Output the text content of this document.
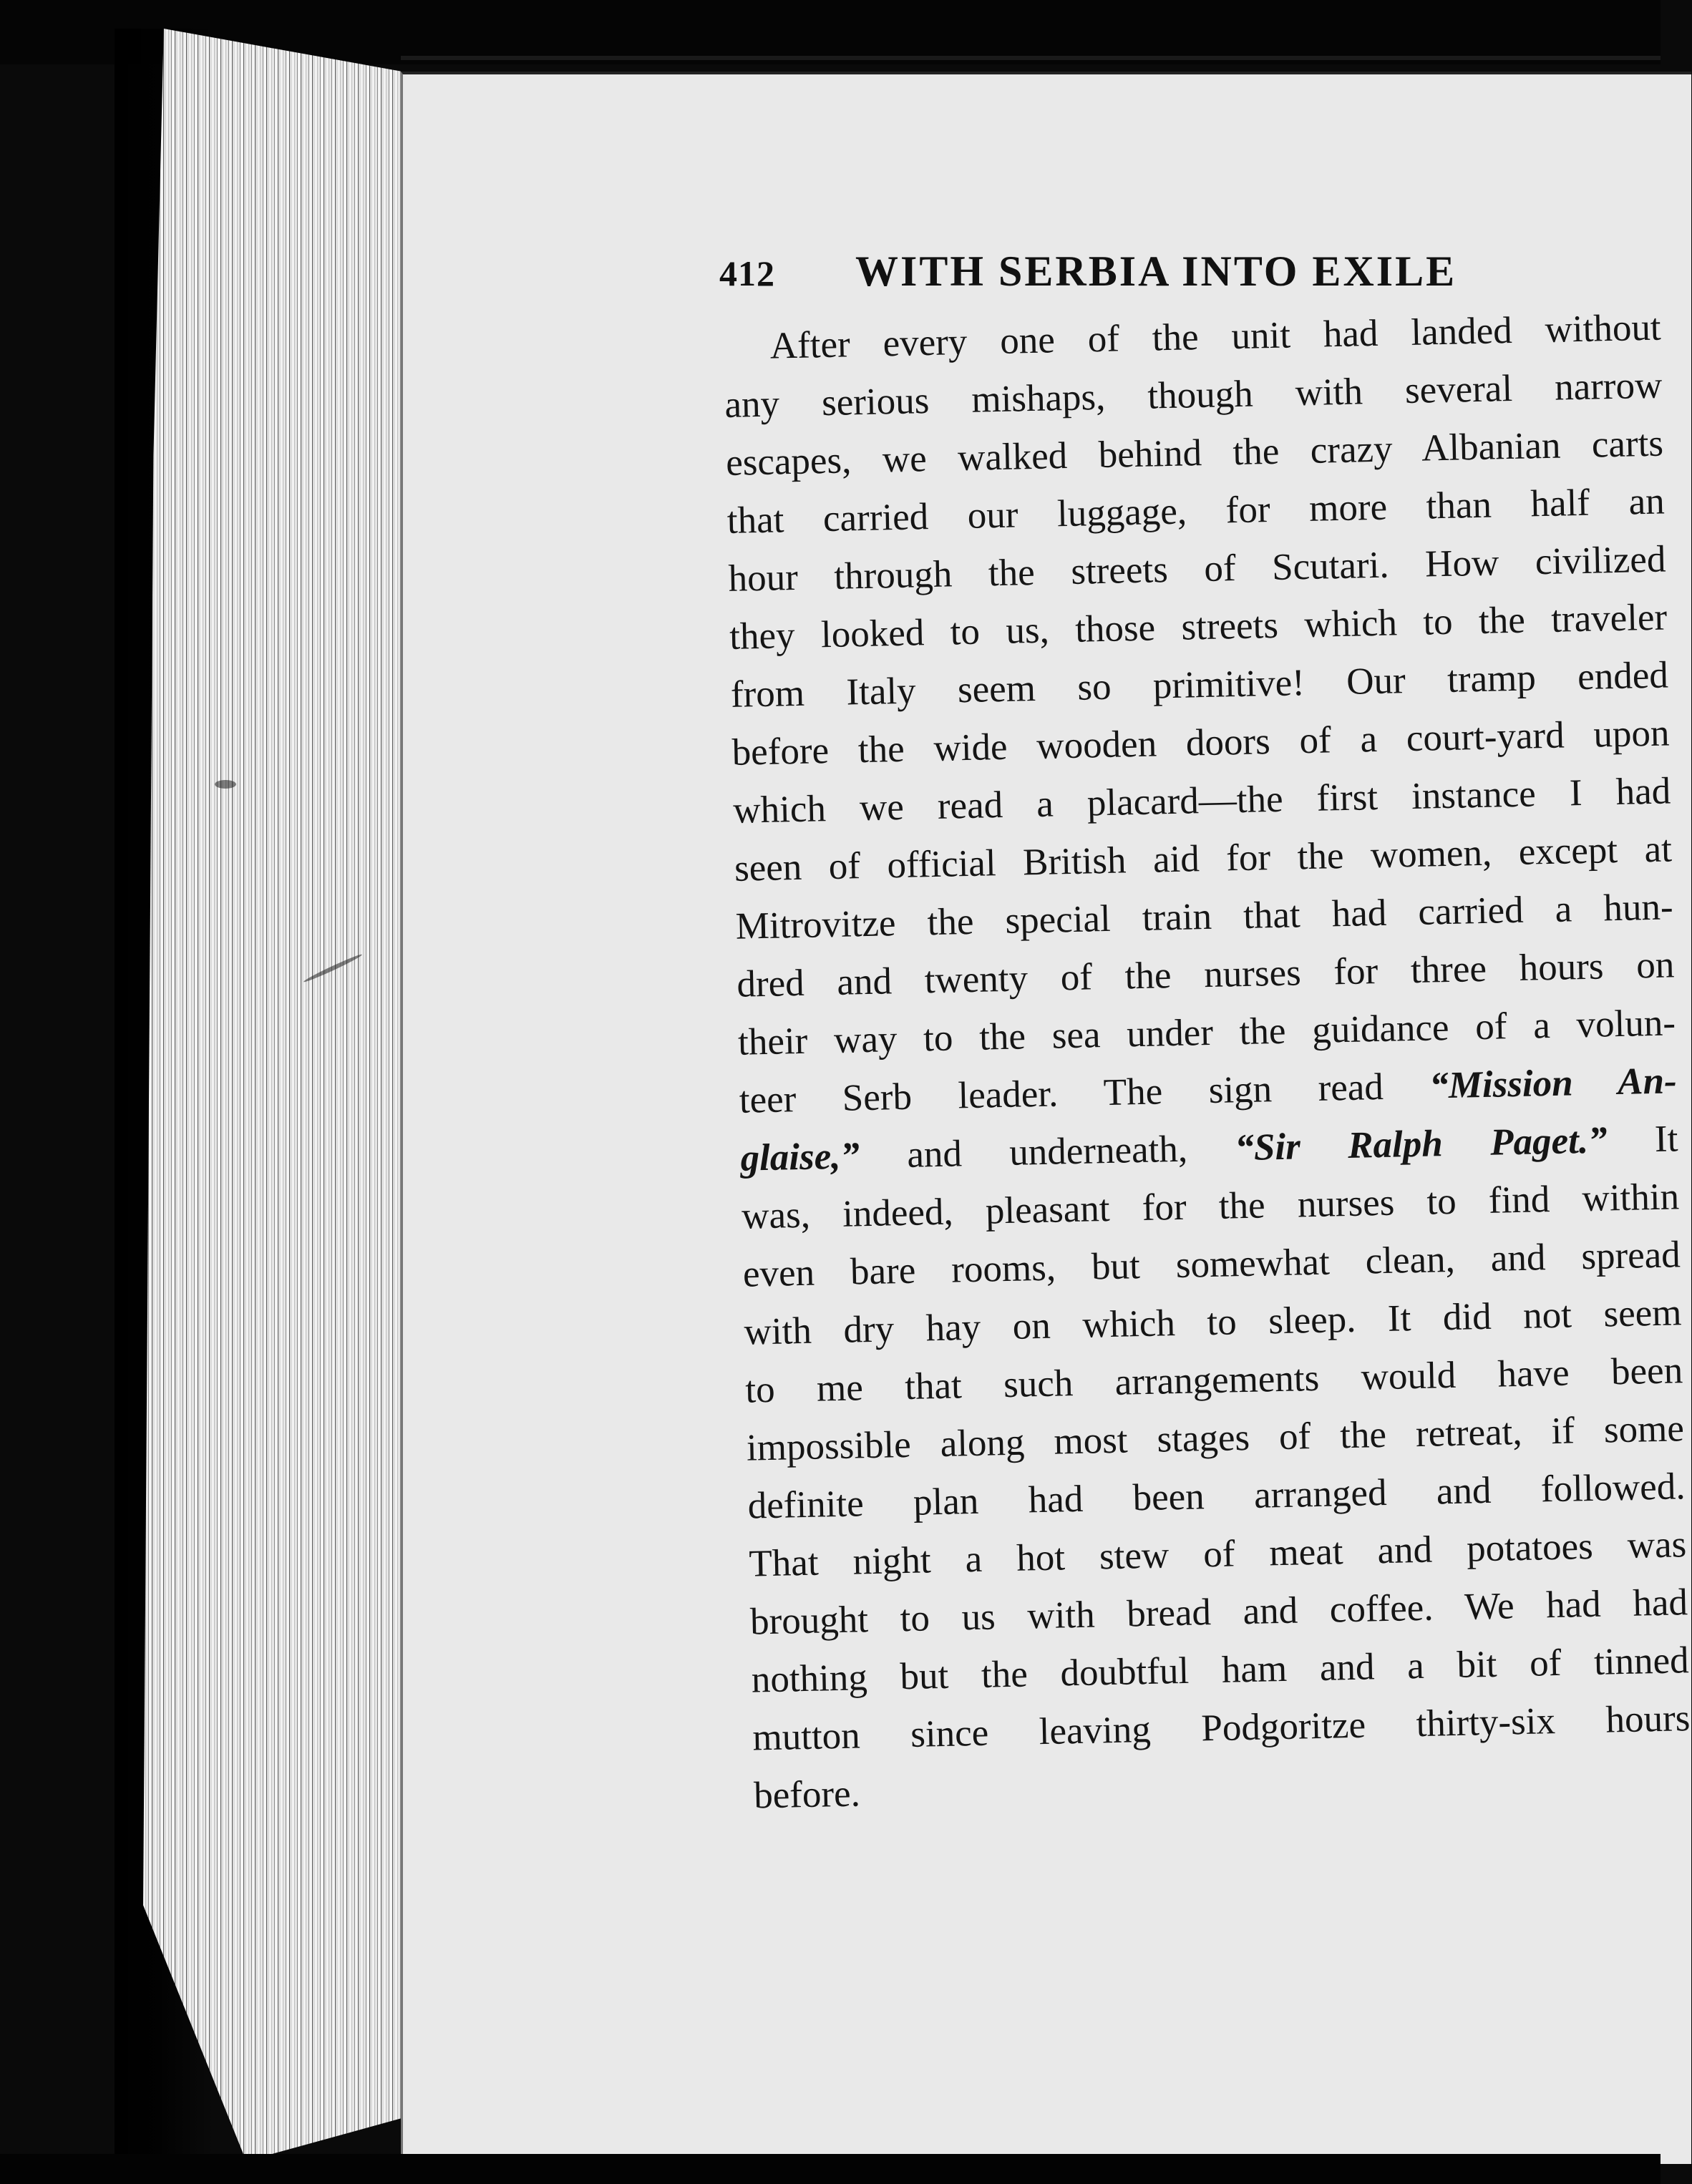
412 WITH SERBIA INTO EXILE
After every one of the unit had landed without
any serious mishaps, though with several narrow
escapes, we walked behind the crazy Albanian carts
that carried our luggage, for more than half an
hour through the streets of Scutari. How civilized
they looked to us, those streets which to the traveler
from Italy seem so primitive! Our tramp ended
before the wide wooden doors of a court-yard upon
which we read a placard—the first instance I had
seen of official British aid for the women, except at
Mitrovitze the special train that had carried a hun-
dred and twenty of the nurses for three hours on
their way to the sea under the guidance of a volun-
teer Serb leader. The sign read “Mission An-
glaise,” and underneath, “Sir Ralph Paget.” It
was, indeed, pleasant for the nurses to find within
even bare rooms, but somewhat clean, and spread
with dry hay on which to sleep. It did not seem
to me that such arrangements would have been
impossible along most stages of the retreat, if some
definite plan had been arranged and followed.
That night a hot stew of meat and potatoes was
brought to us with bread and coffee. We had had
nothing but the doubtful ham and a bit of tinned
mutton since leaving Podgoritze thirty-six hours
before.
